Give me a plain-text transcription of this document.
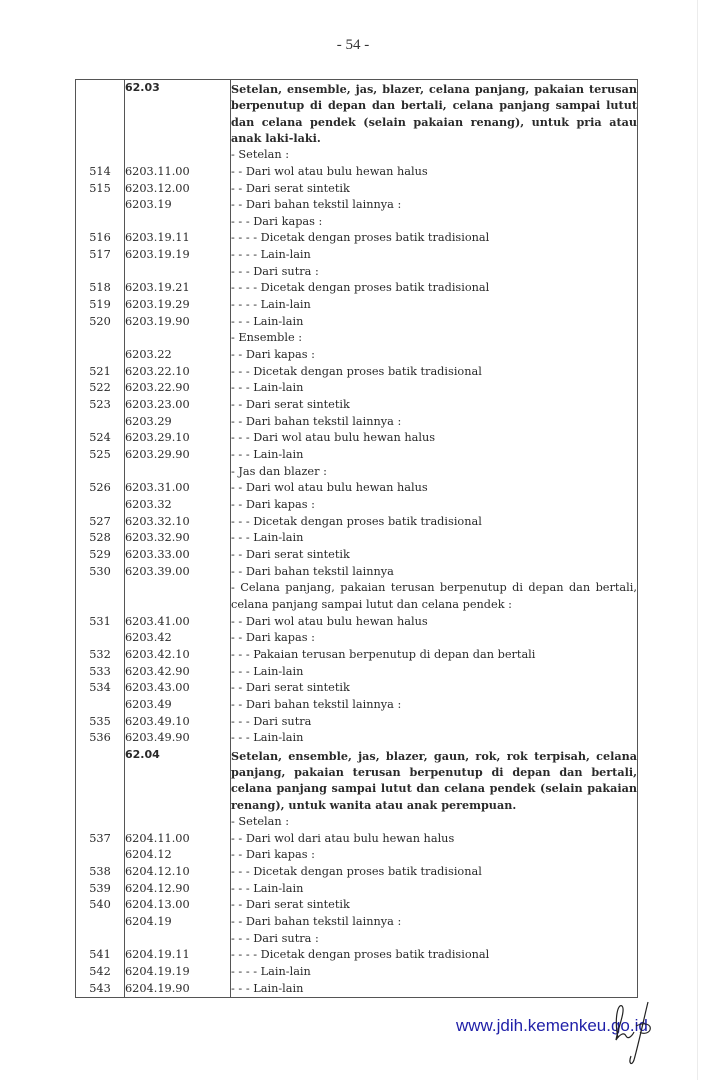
- 54 -
	62.03	Setelan, ensemble, jas, blazer, celana panjang, pakaian terusan berpenutup di depan dan bertali, celana panjang sampai lutut dan celana pendek (selain pakaian renang), untuk pria atau anak laki-laki.
		- Setelan :
514	6203.11.00	- - Dari wol atau bulu hewan halus
515	6203.12.00	- - Dari serat sintetik
	6203.19	- - Dari bahan tekstil lainnya :
		- - - Dari kapas :
516	6203.19.11	- - - - Dicetak dengan proses batik tradisional
517	6203.19.19	- - - - Lain-lain
		- - - Dari sutra :
518	6203.19.21	- - - - Dicetak dengan proses batik tradisional
519	6203.19.29	- - - - Lain-lain
520	6203.19.90	- - - Lain-lain
		- Ensemble :
	6203.22	- - Dari kapas :
521	6203.22.10	- - - Dicetak dengan proses batik tradisional
522	6203.22.90	- - - Lain-lain
523	6203.23.00	- - Dari serat sintetik
	6203.29	- - Dari bahan tekstil lainnya :
524	6203.29.10	- - - Dari wol atau bulu hewan halus
525	6203.29.90	- - - Lain-lain
		- Jas dan blazer :
526	6203.31.00	- - Dari wol atau bulu hewan halus
	6203.32	- - Dari kapas :
527	6203.32.10	- - - Dicetak dengan proses batik tradisional
528	6203.32.90	- - - Lain-lain
529	6203.33.00	- - Dari serat sintetik
530	6203.39.00	- - Dari bahan tekstil lainnya
		- Celana panjang, pakaian terusan berpenutup di depan dan bertali, celana panjang sampai lutut dan celana pendek :
531	6203.41.00	- - Dari wol atau bulu hewan halus
	6203.42	- - Dari kapas :
532	6203.42.10	- - - Pakaian terusan berpenutup di depan dan bertali
533	6203.42.90	- - - Lain-lain
534	6203.43.00	- - Dari serat sintetik
	6203.49	- - Dari bahan tekstil lainnya :
535	6203.49.10	- - - Dari sutra
536	6203.49.90	- - - Lain-lain
	62.04	Setelan, ensemble, jas, blazer, gaun, rok, rok terpisah, celana panjang, pakaian terusan berpenutup di depan dan bertali, celana panjang sampai lutut dan celana pendek (selain pakaian renang), untuk wanita atau anak perempuan.
		- Setelan :
537	6204.11.00	- - Dari wol dari atau bulu hewan halus
	6204.12	- - Dari kapas :
538	6204.12.10	- - - Dicetak dengan proses batik tradisional
539	6204.12.90	- - - Lain-lain
540	6204.13.00	- - Dari serat sintetik
	6204.19	- - Dari bahan tekstil lainnya :
		- - - Dari sutra :
541	6204.19.11	- - - - Dicetak dengan proses batik tradisional
542	6204.19.19	- - - - Lain-lain
543	6204.19.90	- - - Lain-lain
www.jdih.kemenkeu.go.id
